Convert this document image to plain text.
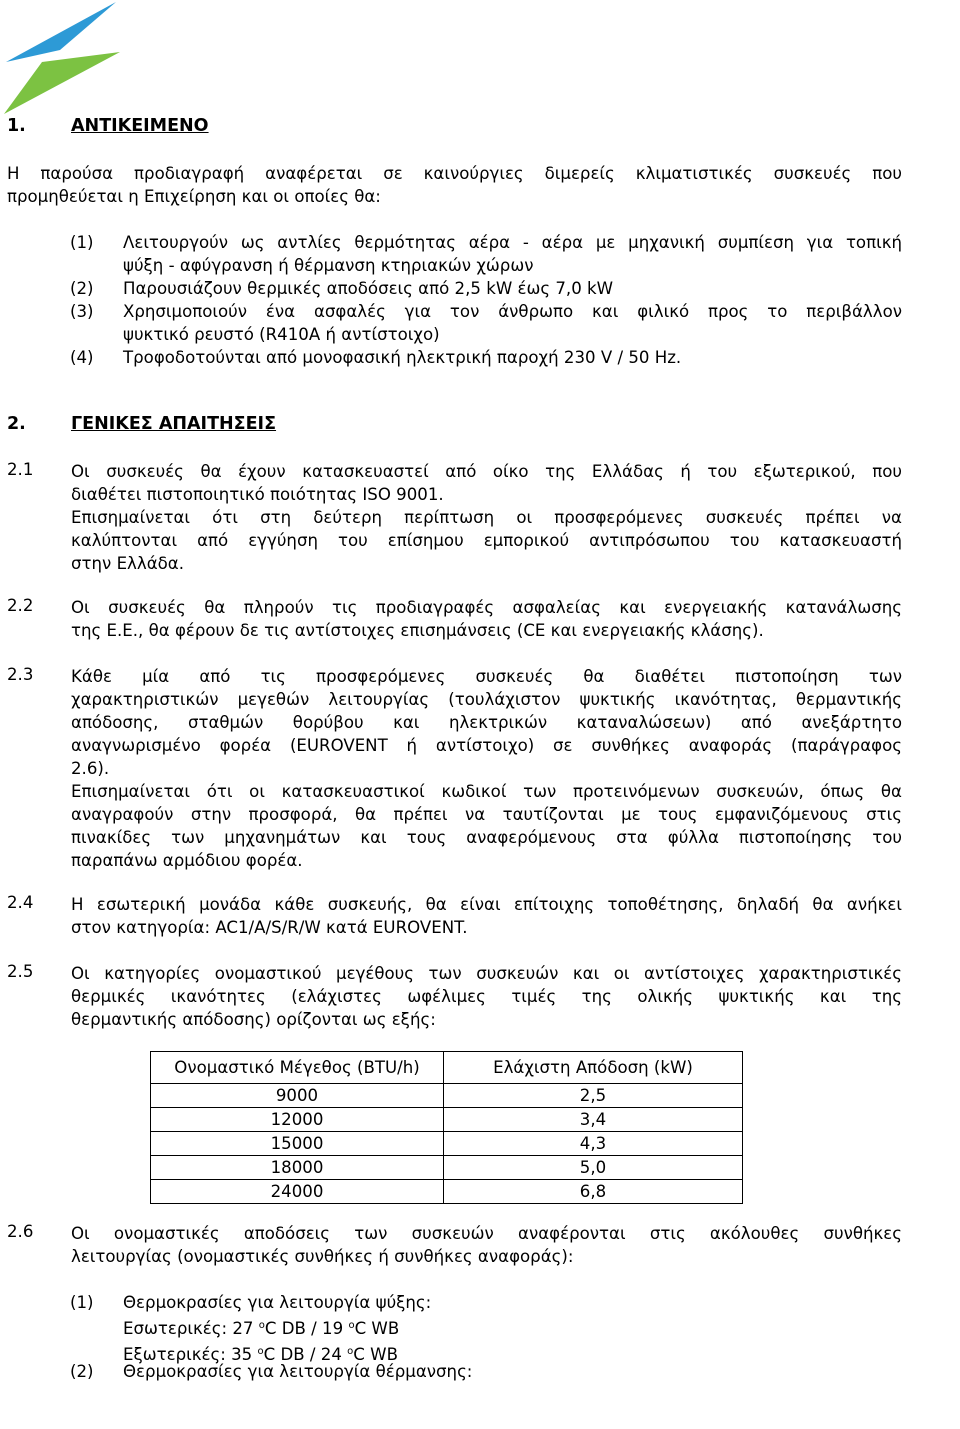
1.	ΑΝΤΙΚΕΙΜΕΝΟ
Η παρούσα προδιαγραφή αναφέρεται σε καινούργιες διμερείς κλιματιστικές συσκευές που
προμηθεύεται η Επιχείρηση και οι οποίες θα:
(1) Λειτουργούν ως αντλίες θερμότητας αέρα - αέρα με μηχανική συμπίεση για τοπική
ψύξη - αφύγρανση ή θέρμανση κτηριακών χώρων
(2) Παρουσιάζουν θερμικές αποδόσεις από 2,5 kW έως 7,0 kW
(3) Χρησιμοποιούν ένα ασφαλές για τον άνθρωπο και φιλικό προς το περιβάλλον
ψυκτικό ρευστό (R410A ή αντίστοιχο)
(4) Τροφοδοτούνται από μονοφασική ηλεκτρική παροχή 230 V / 50 Hz.
2.	ΓΕΝΙΚΕΣ ΑΠΑΙΤΗΣΕΙΣ
2.1 Οι συσκευές θα έχουν κατασκευαστεί από οίκο της Ελλάδας ή του εξωτερικού, που
διαθέτει πιστοποιητικό ποιότητας ISO 9001.
Επισημαίνεται ότι στη δεύτερη περίπτωση οι προσφερόμενες συσκευές πρέπει να
καλύπτονται από εγγύηση του επίσημου εμπορικού αντιπρόσωπου του κατασκευαστή
στην Ελλάδα.
2.2 Οι συσκευές θα πληρούν τις προδιαγραφές ασφαλείας και ενεργειακής κατανάλωσης
της Ε.Ε., θα φέρουν δε τις αντίστοιχες επισημάνσεις (CE και ενεργειακής κλάσης).
2.3 Κάθε μία από τις προσφερόμενες συσκευές θα διαθέτει πιστοποίηση των
χαρακτηριστικών μεγεθών λειτουργίας (τουλάχιστον ψυκτικής ικανότητας, θερμαντικής
απόδοσης, σταθμών θορύβου και ηλεκτρικών καταναλώσεων) από ανεξάρτητο
αναγνωρισμένο φορέα (EUROVENT ή αντίστοιχο) σε συνθήκες αναφοράς (παράγραφος
2.6).
Επισημαίνεται ότι οι κατασκευαστικοί κωδικοί των προτεινόμενων συσκευών, όπως θα
αναγραφούν στην προσφορά, θα πρέπει να ταυτίζονται με τους εμφανιζόμενους στις
πινακίδες των μηχανημάτων και τους αναφερόμενους στα φύλλα πιστοποίησης του
παραπάνω αρμόδιου φορέα.
2.4 Η εσωτερική μονάδα κάθε συσκευής, θα είναι επίτοιχης τοποθέτησης, δηλαδή θα ανήκει
στον κατηγορία: AC1/A/S/R/W κατά EUROVENT.
2.5 Οι κατηγορίες ονομαστικού μεγέθους των συσκευών και οι αντίστοιχες χαρακτηριστικές
θερμικές ικανότητες (ελάχιστες ωφέλιμες τιμές της ολικής ψυκτικής και της
θερμαντικής απόδοσης) ορίζονται ως εξής:
Ονομαστικό Μέγεθος (BTU/h)	Ελάχιστη Απόδοση (kW)
9000	2,5
12000	3,4
15000	4,3
18000	5,0
24000	6,8
2.6 Οι ονομαστικές αποδόσεις των συσκευών αναφέρονται στις ακόλουθες συνθήκες
λειτουργίας (ονομαστικές συνθήκες ή συνθήκες αναφοράς):
(1) Θερμοκρασίες για λειτουργία ψύξης:
Εσωτερικές: 27 $^o$C DB / 19 $^o$C WB
Εξωτερικές: 35 $^o$C DB / 24 $^o$C WB
(2) Θερμοκρασίες για λειτουργία θέρμανσης:
